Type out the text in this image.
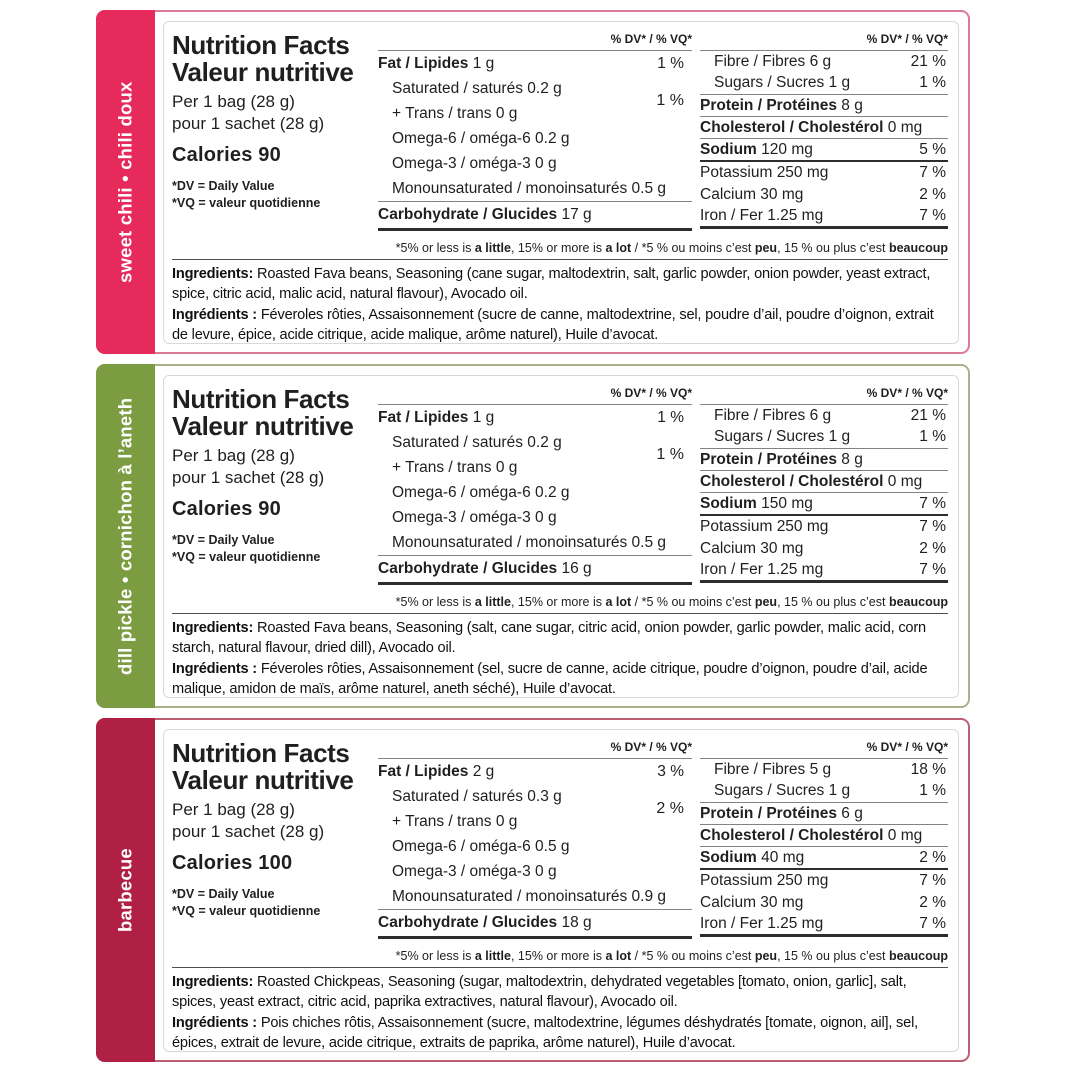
sweet chili • chili doux
Nutrition Facts
Valeur nutritive
Per 1 bag (28 g)
pour 1 sachet (28 g)
Calories 90
*DV = Daily Value
*VQ = valeur quotidienne
% DV* / % VQ*
Fat / Lipides 1 g	1 %
Saturated / saturés 0.2 g
+ Trans / trans 0 g
1 %
Omega-6 / oméga-6 0.2 g
Omega-3 / oméga-3 0 g
Monounsaturated / monoinsaturés 0.5 g
Carbohydrate / Glucides 17 g
% DV* / % VQ*
Fibre / Fibres 6 g	21 %
Sugars / Sucres 1 g	1 %
Protein / Protéines 8 g
Cholesterol / Cholestérol 0 mg
Sodium 120 mg	5 %
Potassium 250 mg	7 %
Calcium 30 mg	2 %
Iron / Fer 1.25 mg	7 %
*5% or less is a little, 15% or more is a lot / *5 % ou moins c’est peu, 15 % ou plus c’est beaucoup
Ingredients: Roasted Fava beans, Seasoning (cane sugar, maltodextrin, salt, garlic powder, onion powder, yeast extract, spice, citric acid, malic acid, natural flavour), Avocado oil.
Ingrédients : Féveroles rôties, Assaisonnement (sucre de canne, maltodextrine, sel, poudre d’ail, poudre d’oignon, extrait de levure, épice, acide citrique, acide malique, arôme naturel), Huile d’avocat.
dill pickle • cornichon à l’aneth	Nutrition Facts
Valeur nutritive
Per 1 bag (28 g)
pour 1 sachet (28 g)
Calories 90
*DV = Daily Value
*VQ = valeur quotidienne
% DV* / % VQ*
Fat / Lipides 1 g	1 %
Saturated / saturés 0.2 g
+ Trans / trans 0 g
1 %
Omega-6 / oméga-6 0.2 g
Omega-3 / oméga-3 0 g
Monounsaturated / monoinsaturés 0.5 g
Carbohydrate / Glucides 16 g
% DV* / % VQ*
Fibre / Fibres 6 g	21 %
Sugars / Sucres 1 g	1 %
Protein / Protéines 8 g
Cholesterol / Cholestérol 0 mg
Sodium 150 mg	7 %
Potassium 250 mg	7 %
Calcium 30 mg	2 %
Iron / Fer 1.25 mg	7 %
*5% or less is a little, 15% or more is a lot / *5 % ou moins c’est peu, 15 % ou plus c’est beaucoup
Ingredients: Roasted Fava beans, Seasoning (salt, cane sugar, citric acid, onion powder, garlic powder, malic acid, corn starch, natural flavour, dried dill), Avocado oil.
Ingrédients : Féveroles rôties, Assaisonnement (sel, sucre de canne, acide citrique, poudre d’oignon, poudre d’ail, acide malique, amidon de maïs, arôme naturel, aneth séché), Huile d’avocat.
barbecue
Nutrition Facts
Valeur nutritive
Per 1 bag (28 g)
pour 1 sachet (28 g)
Calories 100
*DV = Daily Value
*VQ = valeur quotidienne
% DV* / % VQ*
Fat / Lipides 2 g	3 %
Saturated / saturés 0.3 g
+ Trans / trans 0 g
2 %
Omega-6 / oméga-6 0.5 g
Omega-3 / oméga-3 0 g
Monounsaturated / monoinsaturés 0.9 g
Carbohydrate / Glucides 18 g
% DV* / % VQ*
Fibre / Fibres 5 g	18 %
Sugars / Sucres 1 g	1 %
Protein / Protéines 6 g
Cholesterol / Cholestérol 0 mg
Sodium 40 mg	2 %
Potassium 250 mg	7 %
Calcium 30 mg	2 %
Iron / Fer 1.25 mg	7 %
*5% or less is a little, 15% or more is a lot / *5 % ou moins c’est peu, 15 % ou plus c’est beaucoup
Ingredients: Roasted Chickpeas, Seasoning (sugar, maltodextrin, dehydrated vegetables [tomato, onion, garlic], salt, spices, yeast extract, citric acid, paprika extractives, natural flavour), Avocado oil.
Ingrédients : Pois chiches rôtis, Assaisonnement (sucre, maltodextrine, légumes déshydratés [tomate, oignon, ail], sel, épices, extrait de levure, acide citrique, extraits de paprika, arôme naturel), Huile d’avocat.
